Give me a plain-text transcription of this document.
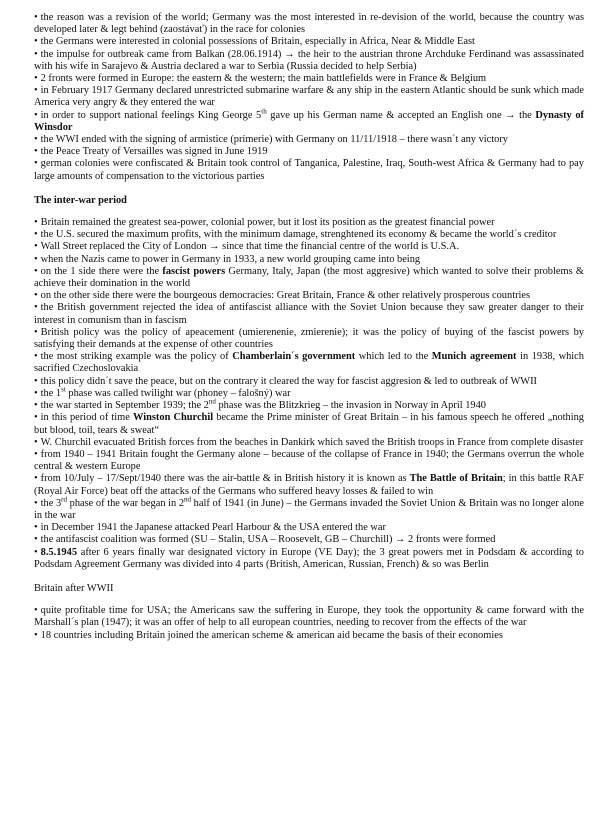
• the reason was a revision of the world; Germany was the most interested in re-devision of the world, because the country was developed later & legt behind (zaostávať) in the race for colonies

• the Germans were interested in colonial possessions of Britain, especially in Africa, Near & Middle East

• the impulse for outbreak came from Balkan (28.06.1914) → the heir to the austrian throne Archduke Ferdinand was assassinated with his wife in Sarajevo & Austria declared a war to Serbia (Russia decided to help Serbia)

• 2 fronts were formed in Europe: the eastern & the western; the main battlefields were in France & Belgium

• in February 1917 Germany declared unrestricted submarine warfare & any ship in the eastern Atlantic should be sunk which made America very angry & they entered the war

• in order to support national feelings King George 5th gave up his German name & accepted an English one → the Dynasty of Winsdor

• the WWI ended with the signing of armistice (prímerie) with Germany on 11/11/1918 – there wasn´t any victory

• the Peace Treaty of Versailles was signed in June 1919

• german colonies were confiscated & Britain took control of Tanganica, Palestine, Iraq, South-west Africa & Germany had to pay large amounts of compensation to the victorious parties

The inter-war period

• Britain remained the greatest sea-power, colonial power, but it lost its position as the greatest financial power

• the U.S. secured the maximum profits, with the minimum damage, strenghtened its economy & became the world´s creditor

• Wall Street replaced the City of London → since that time the financial centre of the world is U.S.A.

• when the Nazis came to power in Germany in 1933, a new world grouping came into being

• on the 1 side there were the fascist powers Germany, Italy, Japan (the most aggresive) which wanted to solve their problems & achieve their domination in the world

• on the other side there were the bourgeous democracies: Great Britain, France & other relatively prosperous countries

• the British government rejected the idea of antifascist alliance with the Soviet Union because they saw greater danger to their interest in comunism than in fascism

• British policy was the policy of apeacement (umierenenie, zmierenie); it was the policy of buying of the fascist powers by satisfying their demands at the expense of other countries

• the most striking example was the policy of Chamberlain´s government which led to the Munich agreement in 1938, which sacrified Czechoslovakia

• this policy didn´t save the peace, but on the contrary it cleared the way for fascist aggresion & led to outbreak of WWII

• the 1st phase was called twilight war (phoney – falošný) war

• the war started in September 1939; the 2nd phase was the Blitzkrieg – the invasion in Norway in April 1940

• in this period of time Winston Churchil became the Prime minister of Great Britain – in his famous speech he offered „nothing but blood, toil, tears & sweat“

• W. Churchil evacuated British forces from the beaches in Dankirk which saved the British troops in France from complete disaster

• from 1940 – 1941 Britain fought the Germany alone – because of the collapse of France in 1940; the Germans overrun the whole central & western Europe

• from 10/July – 17/Sept/1940 there was the air-battle & in British history it is known as The Battle of Britain; in this battle RAF (Royal Air Force) beat off the attacks of the Germans who suffered heavy losses & failed to win

• the 3rd phase of the war began in 2nd half of 1941 (in June) – the Germans invaded the Soviet Union & Britain was no longer alone in the war

• in December 1941 the Japanese attacked Pearl Harbour & the USA entered the war

• the antifascist coalition was formed (SU – Stalin, USA – Roosevelt, GB – Churchill) → 2 fronts were formed

• 8.5.1945 after 6 years finally war designated victory in Europe (VE Day); the 3 great powers met in Podsdam & according to Podsdam Agreement Germany was divided into 4 parts (British, American, Russian, French) & so was Berlin

Britain after WWII

• quite profitable time for USA; the Americans saw the suffering in Europe, they took the opportunity & came forward with the Marshall´s plan (1947); it was an offer of help to all european countries, needing to recover from the effects of the war

• 18 countries including Britain joined the american scheme & american aid became the basis of their economies
